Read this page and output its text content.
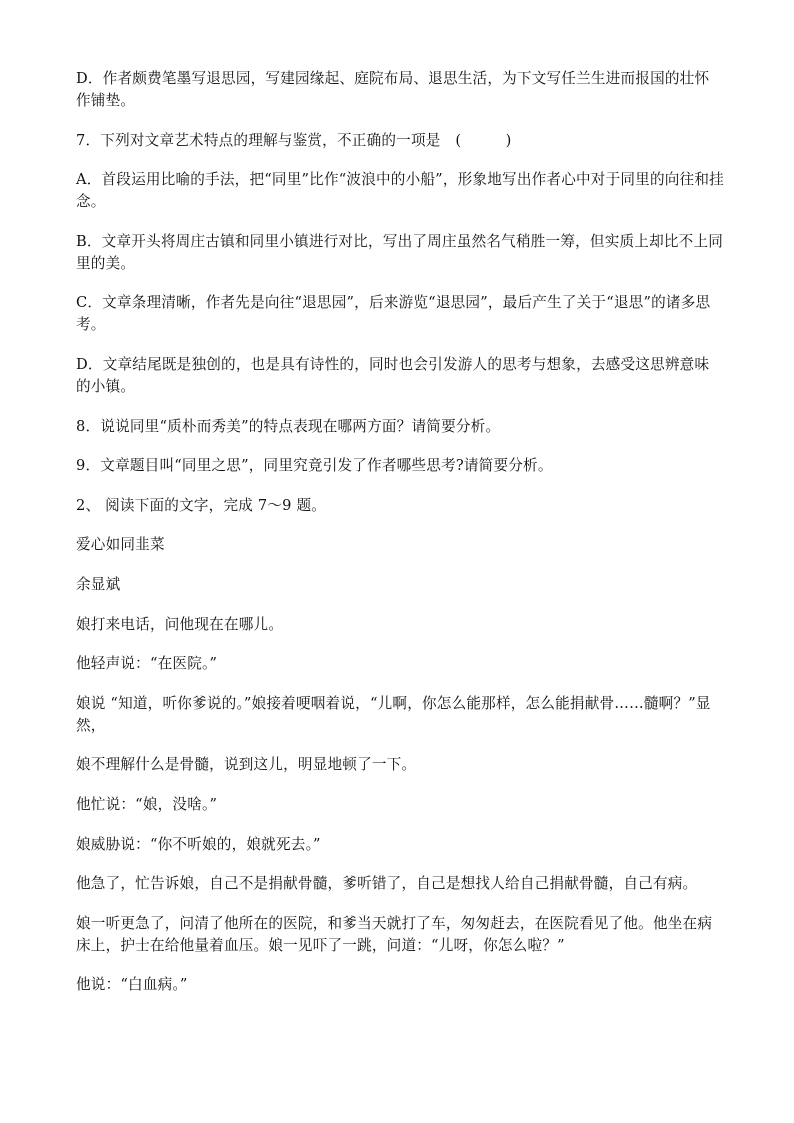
D．作者颇费笔墨写退思园，写建园缘起、庭院布局、退思生活，为下文写任兰生进而报国的壮怀作铺垫。

7．下列对文章艺术特点的理解与鉴赏，不正确的一项是　(　　　)

A．首段运用比喻的手法，把“同里”比作“波浪中的小船”，形象地写出作者心中对于同里的向往和挂念。

B．文章开头将周庄古镇和同里小镇进行对比，写出了周庄虽然名气稍胜一筹，但实质上却比不上同里的美。

C．文章条理清晰，作者先是向往“退思园”，后来游览“退思园”，最后产生了关于“退思”的诸多思考。

D．文章结尾既是独创的，也是具有诗性的，同时也会引发游人的思考与想象，去感受这思辨意味的小镇。

8．说说同里“质朴而秀美”的特点表现在哪两方面？请简要分析。

9．文章题目叫“同里之思”，同里究竟引发了作者哪些思考?请简要分析。

2、 阅读下面的文字，完成 7～9 题。

爱心如同韭菜

余显斌

娘打来电话，问他现在在哪儿。

他轻声说：“在医院。”

娘说 “知道，听你爹说的。”娘接着哽咽着说，“儿啊，你怎么能那样，怎么能捐献骨……髓啊？”显然，

娘不理解什么是骨髓，说到这儿，明显地顿了一下。

他忙说：“娘，没啥。”

娘威胁说：“你不听娘的，娘就死去。”

他急了，忙告诉娘，自己不是捐献骨髓，爹听错了，自己是想找人给自己捐献骨髓，自己有病。

娘一听更急了，问清了他所在的医院，和爹当天就打了车，匆匆赶去，在医院看见了他。他坐在病床上，护士在给他量着血压。娘一见吓了一跳，问道：“儿呀，你怎么啦？”

他说：“白血病。”
